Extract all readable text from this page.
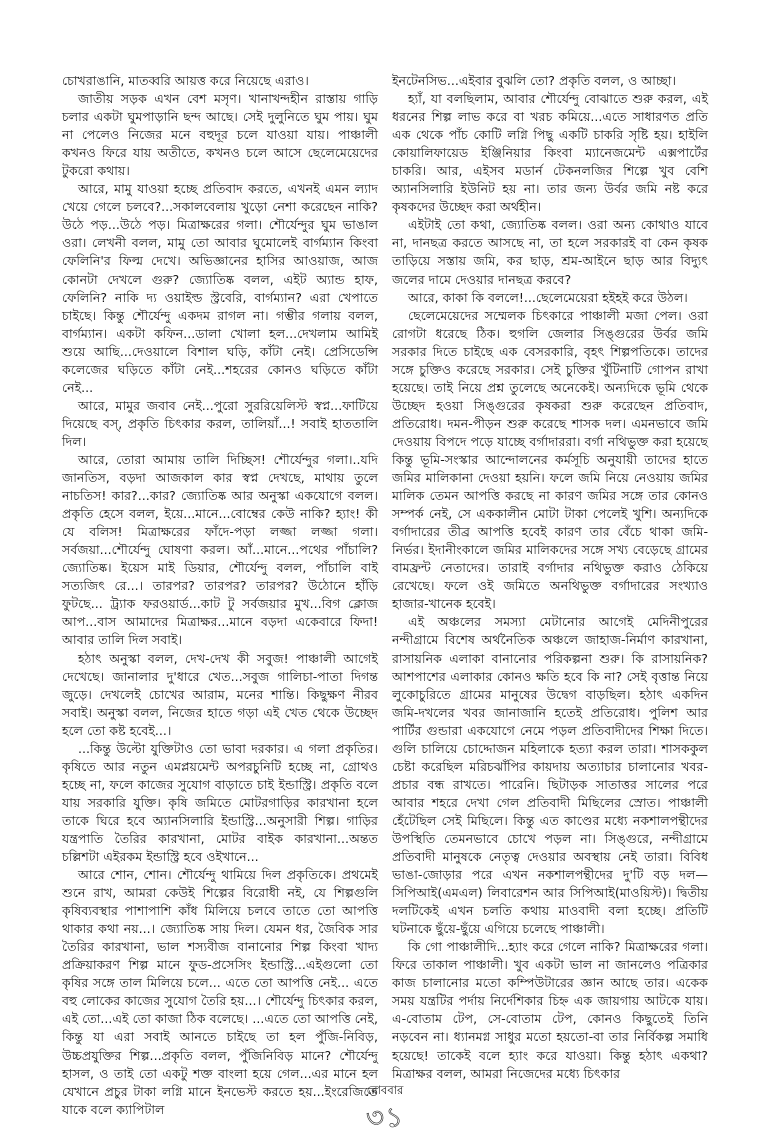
চোখরাঙানি, মাতব্বরি আয়ত্ত করে নিয়েছে এরাও।

জাতীয় সড়ক এখন বেশ মসৃণ। খানাখন্দহীন রাস্তায় গাড়ি চলার একটা ঘুমপাড়ানি ছন্দ আছে। সেই দুলুনিতে ঘুম পায়। ঘুম না পেলেও নিজের মনে বহুদূর চলে যাওয়া যায়। পাঞ্চালী কখনও ফিরে যায় অতীতে, কখনও চলে আসে ছেলেমেয়েদের টুকরো কথায়।

আরে, মামু যাওয়া হচ্ছে প্রতিবাদ করতে, এখনই এমন ল্যাদ খেয়ে গেলে চলবে?...সকালবেলায় খুড়ো নেশা করেছেন নাকি? উঠে পড়...উঠে পড়। মিত্রাক্ষরের গলা। শৌর্যেন্দুর ঘুম ভাঙাল ওরা। লেখনী বলল, মামু তো আবার ঘুমোলেই বার্গম্যান কিংবা ফেলিনি'র ফিল্ম দেখে। অভিজ্ঞানের হাসির আওয়াজ, আজ কোনটা দেখলে গুরু? জ্যোতিষ্ক বলল, এইট অ্যান্ড হাফ, ফেলিনি? নাকি দ্য ওয়াইল্ড স্ট্রবেরি, বার্গম্যান? এরা খেপাতে চাইছে। কিন্তু শৌর্যেন্দু একদম রাগল না। গম্ভীর গলায় বলল, বার্গম্যান। একটা কফিন...ডালা খোলা হল...দেখলাম আমিই শুয়ে আছি...দেওয়ালে বিশাল ঘড়ি, কাঁটা নেই। প্রেসিডেন্সি কলেজের ঘড়িতে কাঁটা নেই...শহরের কোনও ঘড়িতে কাঁটা নেই...

আরে, মামুর জবাব নেই...পুরো সুররিয়েলিস্ট স্বপ্ন...ফাটিয়ে দিয়েছে বস্, প্রকৃতি চিৎকার করল, তালিয়াঁ...! সবাই হাততালি দিল।

আরে, তোরা আমায় তালি দিচ্ছিস! শৌর্যেন্দুর গলা।..যদি জানতিস, বড়দা আজকাল কার স্বপ্ন দেখছে, মাথায় তুলে নাচতিস! কার?...কার? জ্যোতিষ্ক আর অনুস্কা একযোগে বলল। প্রকৃতি হেসে বলল, ইয়ে...মানে...বোম্বের কেউ নাকি? হ্যাং! কী যে বলিস! মিত্রাক্ষরের ফাঁদে-পড়া লজ্জা লজ্জা গলা। সর্বজয়া...শৌর্যেন্দু ঘোষণা করল। আঁ...মানে...পথের পাঁচালি? জ্যোতিষ্ক। ইয়েস মাই ডিয়ার, শৌর্যেন্দু বলল, পাঁচালি বাই সত্যজিৎ রে...। তারপর? তারপর? তারপর? উঠোনে হাঁড়ি ফুটছে... ট্র্যাক ফরওয়ার্ড...কাট টু সর্বজয়ার মুখ...বিগ ক্লোজ আপ...বাস আমাদের মিত্রাক্ষর...মানে বড়দা একেবারে ফিদা! আবার তালি দিল সবাই।

হঠাৎ অনুস্কা বলল, দেখ-দেখ কী সবুজ! পাঞ্চালী আগেই দেখেছে। জানালার দু'ধারে খেত...সবুজ গালিচা-পাতা দিগন্ত জুড়ে। দেখলেই চোখের আরাম, মনের শান্তি। কিছুক্ষণ নীরব সবাই। অনুস্কা বলল, নিজের হাতে গড়া এই খেত থেকে উচ্ছেদ হলে তো কষ্ট হবেই...।

...কিন্তু উল্টো যুক্তিটাও তো ভাবা দরকার। এ গলা প্রকৃতির। কৃষিতে আর নতুন এমপ্লয়মেন্ট অপরচুনিটি হচ্ছে না, গ্রোথও হচ্ছে না, ফলে কাজের সুযোগ বাড়াতে চাই ইন্ডাস্ট্রি। প্রকৃতি বলে যায় সরকারি যুক্তি। কৃষি জমিতে মোটরগাড়ির কারখানা হলে তাকে ঘিরে হবে অ্যানসিলারি ইন্ডাস্ট্রি...অনুসারী শিল্প। গাড়ির যন্ত্রপাতি তৈরির কারখানা, মোটর বাইক কারখানা...অন্তত চল্লিশটা এইরকম ইন্ডাস্ট্রি হবে ওইখানে...

আরে শোন, শোন। শৌর্যেন্দু থামিয়ে দিল প্রকৃতিকে। প্রথমেই শুনে রাখ, আমরা কেউই শিল্পের বিরোধী নই, যে শিল্পগুলি কৃষিব্যবস্থার পাশাপাশি কাঁধ মিলিয়ে চলবে তাতে তো আপত্তি থাকার কথা নয়...। জ্যোতিষ্ক সায় দিল। যেমন ধর, জৈবিক সার তৈরির কারখানা, ভাল শস্যবীজ বানানোর শিল্প কিংবা খাদ্য প্রক্রিয়াকরণ শিল্প মানে ফুড-প্রসেসিং ইন্ডাস্ট্রি...এইগুলো তো কৃষির সঙ্গে তাল মিলিয়ে চলে... এতে তো আপত্তি নেই... এতে বহু লোকের কাজের সুযোগ তৈরি হয়...। শৌর্যেন্দু চিৎকার করল, এই তো...এই তো কাজা ঠিক বলেছে। ...এতে তো আপত্তি নেই, কিন্তু যা এরা সবাই আনতে চাইছে তা হল পুঁজি-নিবিড়, উচ্চপ্রযুক্তির শিল্প...প্রকৃতি বলল, পুঁজিনিবিড় মানে? শৌর্যেন্দু হাসল, ও তাই তো একটু শক্ত বাংলা হয়ে গেল...এর মানে হল যেখানে প্রচুর টাকা লগ্নি মানে ইনভেস্ট করতে হয়...ইংরেজিতে যাকে বলে ক্যাপিটাল

ইনটেনসিভ...এইবার বুঝলি তো? প্রকৃতি বলল, ও আচ্ছা।

হ্যাঁ, যা বলছিলাম, আবার শৌর্যেন্দু বোঝাতে শুরু করল, এই ধরনের শিল্প লাভ করে বা খরচ কমিয়ে...এতে সাধারণত প্রতি এক থেকে পাঁচ কোটি লগ্নি পিছু একটি চাকরি সৃষ্টি হয়। হাইলি কোয়ালিফায়েড ইঞ্জিনিয়ার কিংবা ম্যানেজমেন্ট এক্সপার্টের চাকরি। আর, এইসব মডার্ন টেকনলজির শিল্পে খুব বেশি অ্যানসিলারি ইউনিট হয় না। তার জন্য উর্বর জমি নষ্ট করে কৃষকদের উচ্ছেদ করা অর্থহীন।

এইটাই তো কথা, জ্যোতিষ্ক বলল। ওরা অন্য কোথাও যাবে না, দানছত্র করতে আসছে না, তা হলে সরকারই বা কেন কৃষক তাড়িয়ে সস্তায় জমি, কর ছাড়, শ্রম-আইনে ছাড় আর বিদ্যুৎ জলের দামে দেওয়ার দানছত্র করবে?

আরে, কাকা কি বললে!...ছেলেমেয়েরা হইহই করে উঠল।

ছেলেমেয়েদের সম্মেলক চিৎকারে পাঞ্চালী মজা পেল। ওরা রোগটা ধরেছে ঠিক। হুগলি জেলার সিঙ্গুরের উর্বর জমি সরকার দিতে চাইছে এক বেসরকারি, বৃহৎ শিল্পপতিকে। তাদের সঙ্গে চুক্তিও করেছে সরকার। সেই চুক্তির খুঁটিনাটি গোপন রাখা হয়েছে। তাই নিয়ে প্রশ্ন তুলেছে অনেকেই। অন্যদিকে ভূমি থেকে উচ্ছেদ হওয়া সিঙ্গুরের কৃষকরা শুরু করেছেন প্রতিবাদ, প্রতিরোধ। দমন-পীড়ন শুরু করেছে শাসক দল। এমনভাবে জমি দেওয়ায় বিপদে পড়ে যাচ্ছে বর্গাদাররা। বর্গা নথিভুক্ত করা হয়েছে কিন্তু ভূমি-সংস্কার আন্দোলনের কর্মসূচি অনুযায়ী তাদের হাতে জমির মালিকানা দেওয়া হয়নি। ফলে জমি নিয়ে নেওয়ায় জমির মালিক তেমন আপত্তি করছে না কারণ জমির সঙ্গে তার কোনও সম্পর্ক নেই, সে এককালীন মোটা টাকা পেলেই খুশি। অন্যদিকে বর্গাদারের তীব্র আপত্তি হবেই কারণ তার বেঁচে থাকা জমি-নির্ভর। ইদানীংকালে জমির মালিকদের সঙ্গে সখ্য বেড়েছে গ্রামের বামফ্রন্ট নেতাদের। তারাই বর্গাদার নথিভুক্ত করাও ঠেকিয়ে রেখেছে। ফলে ওই জমিতে অনথিভুক্ত বর্গাদারের সংখ্যাও হাজার-খানেক হবেই।

এই অঞ্চলের সমস্যা মেটানোর আগেই মেদিনীপুরের নন্দীগ্রামে বিশেষ অর্থনৈতিক অঞ্চলে জাহাজ-নির্মাণ কারখানা, রাসায়নিক এলাকা বানানোর পরিকল্পনা শুরু। কি রাসায়নিক? আশপাশের এলাকার কোনও ক্ষতি হবে কি না? সেই বৃত্তান্ত নিয়ে লুকোচুরিতে গ্রামের মানুষের উদ্বেগ বাড়ছিল। হঠাৎ একদিন জমি-দখলের খবর জানাজানি হতেই প্রতিরোধ। পুলিশ আর পার্টির গুন্ডারা একযোগে নেমে পড়ল প্রতিবাদীদের শিক্ষা দিতে। গুলি চালিয়ে চোদ্দোজন মহিলাকে হত্যা করল তারা। শাসককুল চেষ্টা করেছিল মরিচঝাঁপির কায়দায় অত্যাচার চালানোর খবর-প্রচার বন্ধ রাখতে। পারেনি। ছিটাড়ক সাতাত্তর সালের পরে আবার শহরে দেখা গেল প্রতিবাদী মিছিলের স্রোত। পাঞ্চালী হেঁটেছিল সেই মিছিলে। কিন্তু এত কাণ্ডের মধ্যে নকশালপন্থীদের উপস্থিতি তেমনভাবে চোখে পড়ল না। সিঙ্গুরে, নন্দীগ্রামে প্রতিবাদী মানুষকে নেতৃত্ব দেওয়ার অবস্থায় নেই তারা। বিবিধ ভাঙা-জোড়ার পরে এখন নকশালপন্থীদের দু'টি বড় দল—সিপিআই(এমএল) লিবারেশন আর সিপিআই(মাওয়িস্ট)। দ্বিতীয় দলটিকেই এখন চলতি কথায় মাওবাদী বলা হচ্ছে। প্রতিটি ঘটনাকে ছুঁয়ে-ছুঁয়ে এগিয়ে চলেছে পাঞ্চালী।

কি গো পাঞ্চালীদি...হ্যাং করে গেলে নাকি? মিত্রাক্ষরের গলা। ফিরে তাকাল পাঞ্চালী। খুব একটা ভাল না জানলেও পত্রিকার কাজ চালানোর মতো কম্পিউটারের জ্ঞান আছে তার। একেক সময় যন্ত্রটির পর্দায় নির্দেশিকার চিহ্ন এক জায়গায় আটকে যায়। এ-বোতাম টেপ, সে-বোতাম টেপ, কোনও কিছুতেই তিনি নড়বেন না। ধ্যানমগ্ন সাধুর মতো হয়তো-বা তার নির্বিকল্প সমাধি হয়েছে! তাকেই বলে হ্যাং করে যাওয়া। কিন্তু হঠাৎ একথা? মিত্রাক্ষর বলল, আমরা নিজেদের মধ্যে চিৎকার

রোববার
৩১
